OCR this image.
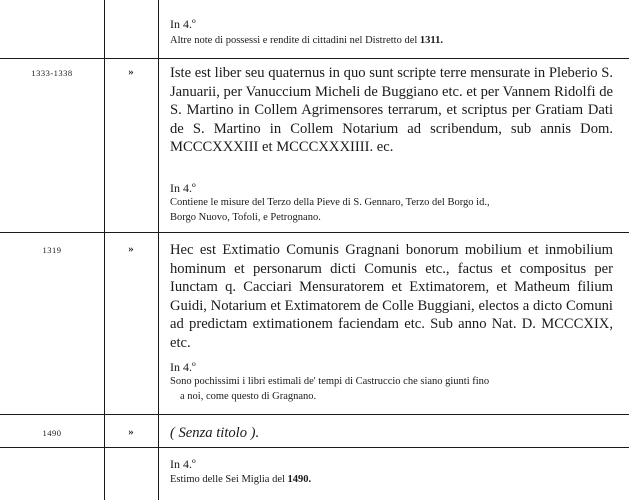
In 4.º
Altre note di possessi e rendite di cittadini nel Distretto del 1311.
1333-1338	»	Iste est liber seu quaternus in quo sunt scripte terre mensurate in Pleberio S. Januarii, per Vanuccium Micheli de Buggiano etc. et per Vannem Ridolfi de S. Martino in Collem Agrimensores terrarum, et scriptus per Gratiam Dati de S. Martino in Collem Notarium ad scribendum, sub annis Dom. MCCCXXXIII et MCCCXXXIIII. ec.
In 4.º
Contiene le misure del Terzo della Pieve di S. Gennaro, Terzo del Borgo id.,
Borgo Nuovo, Tofoli, e Petrognano.
1319	»	Hec est Extimatio Comunis Gragnani bonorum mobilium et inmobilium hominum et personarum dicti Comunis etc., factus et compositus per Iunctam q. Cacciari Mensuratorem et Extimatorem, et Matheum filium Guidi, Notarium et Extimatorem de Colle Buggiani, electos a dicto Comuni ad predictam extimationem faciendam etc. Sub anno Nat. D. MCCCXIX, etc.
In 4.º
Sono pochissimi i libri estimali de' tempi di Castruccio che siano giunti fino
a noi, come questo di Gragnano.
1490	»	( Senza titolo ).
In 4.º
Estimo delle Sei Miglia del 1490.
